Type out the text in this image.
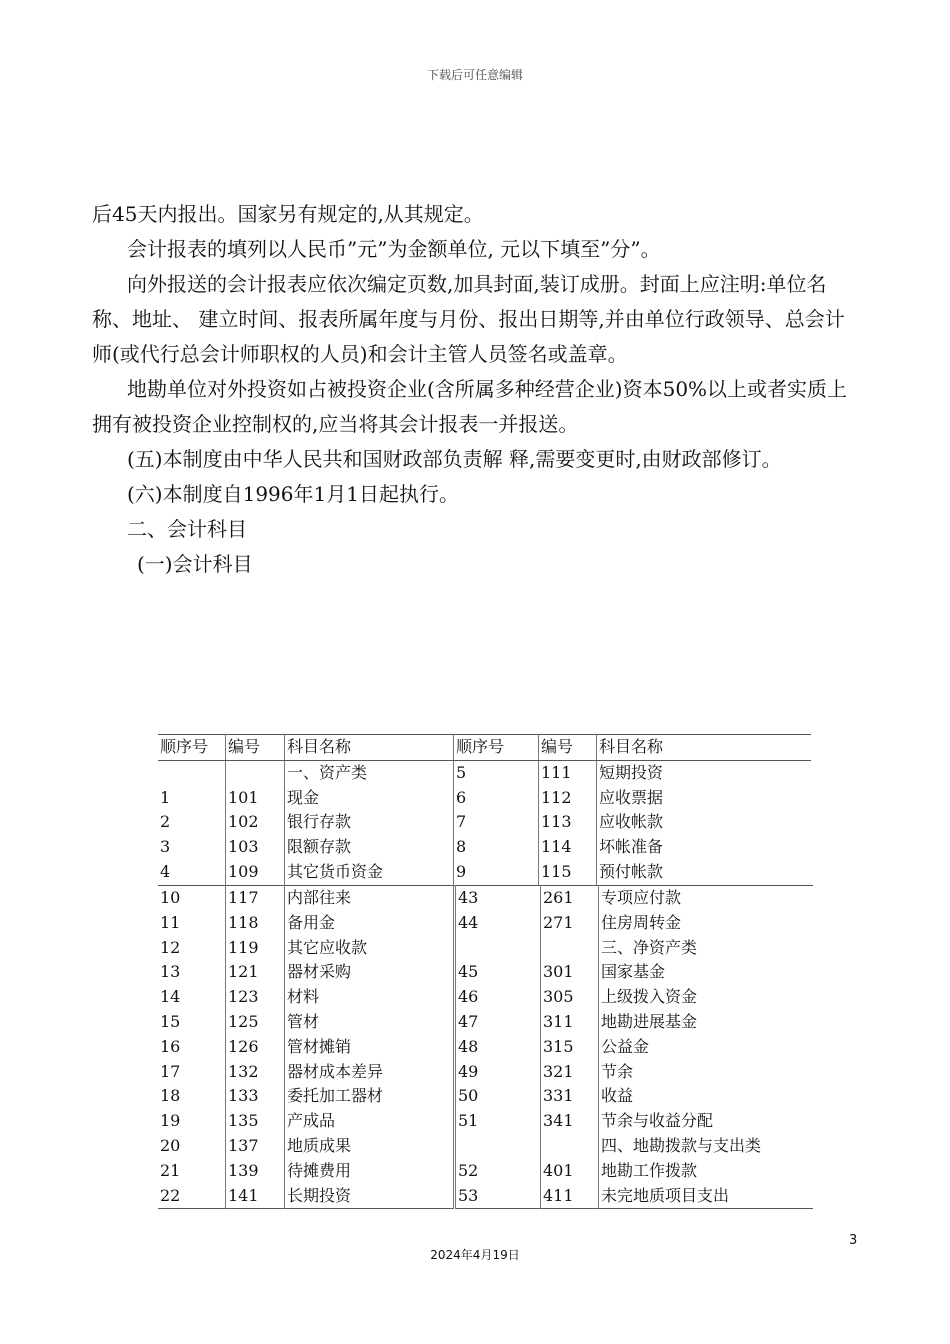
下载后可任意编辑

后45天内报出。国家另有规定的,从其规定。

会计报表的填列以人民币”元”为金额单位, 元以下填至”分”。

向外报送的会计报表应依次编定页数,加具封面,装订成册。封面上应注明:单位名称、地址、 建立时间、报表所属年度与月份、报出日期等,并由单位行政领导、总会计师(或代行总会计师职权的人员)和会计主管人员签名或盖章。

地勘单位对外投资如占被投资企业(含所属多种经营企业)资本50%以上或者实质上拥有被投资企业控制权的,应当将其会计报表一并报送。

(五)本制度由中华人民共和国财政部负责解 释,需要变更时,由财政部修订。

(六)本制度自1996年1月1日起执行。

二、会计科目

(一)会计科目

顺序号	编号	科目名称	顺序号	编号	科目名称
		一、资产类	5	111	短期投资
1	101	现金	6	112	应收票据
2	102	银行存款	7	113	应收帐款
3	103	限额存款	8	114	坏帐准备
4	109	其它货币资金	9	115	预付帐款
10	117	内部往来	43	261	专项应付款
11	118	备用金	44	271	住房周转金
12	119	其它应收款			三、净资产类
13	121	器材采购	45	301	国家基金
14	123	材料	46	305	上级拨入资金
15	125	管材	47	311	地勘进展基金
16	126	管材摊销	48	315	公益金
17	132	器材成本差异	49	321	节余
18	133	委托加工器材	50	331	收益
19	135	产成品	51	341	节余与收益分配
20	137	地质成果			四、地勘拨款与支出类
21	139	待摊费用	52	401	地勘工作拨款
22	141	长期投资	53	411	未完地质项目支出
3
2024年4月19日
